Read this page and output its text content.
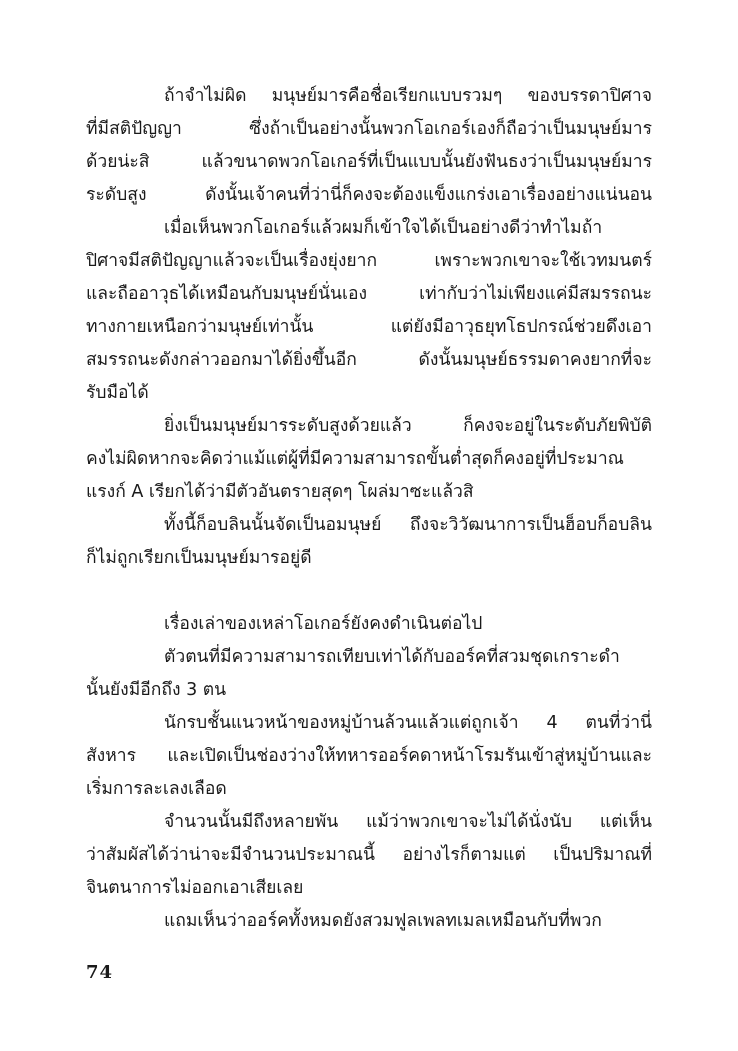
ถ้าจำไม่ผิด มนุษย์มารคือชื่อเรียกแบบรวมๆ ของบรรดาปิศาจ
ที่มีสติปัญญา ซึ่งถ้าเป็นอย่างนั้นพวกโอเกอร์เองก็ถือว่าเป็นมนุษย์มาร
ด้วยน่ะสิ แล้วขนาดพวกโอเกอร์ที่เป็นแบบนั้นยังฟันธงว่าเป็นมนุษย์มาร
ระดับสูง ดังนั้นเจ้าคนที่ว่านี่ก็คงจะต้องแข็งแกร่งเอาเรื่องอย่างแน่นอน
เมื่อเห็นพวกโอเกอร์แล้วผมก็เข้าใจได้เป็นอย่างดีว่าทำไมถ้า
ปิศาจมีสติปัญญาแล้วจะเป็นเรื่องยุ่งยาก เพราะพวกเขาจะใช้เวทมนตร์
และถืออาวุธได้เหมือนกับมนุษย์นั่นเอง เท่ากับว่าไม่เพียงแค่มีสมรรถนะ
ทางกายเหนือกว่ามนุษย์เท่านั้น แต่ยังมีอาวุธยุทโธปกรณ์ช่วยดึงเอา
สมรรถนะดังกล่าวออกมาได้ยิ่งขึ้นอีก ดังนั้นมนุษย์ธรรมดาคงยากที่จะ
รับมือได้
ยิ่งเป็นมนุษย์มารระดับสูงด้วยแล้ว ก็คงจะอยู่ในระดับภัยพิบัติ
คงไม่ผิดหากจะคิดว่าแม้แต่ผู้ที่มีความสามารถขั้นต่ำสุดก็คงอยู่ที่ประมาณ
แรงก์ A เรียกได้ว่ามีตัวอันตรายสุดๆ โผล่มาซะแล้วสิ
ทั้งนี้ก็อบลินนั้นจัดเป็นอมนุษย์ ถึงจะวิวัฒนาการเป็นฮ็อบก็อบลิน
ก็ไม่ถูกเรียกเป็นมนุษย์มารอยู่ดี
เรื่องเล่าของเหล่าโอเกอร์ยังคงดำเนินต่อไป
ตัวตนที่มีความสามารถเทียบเท่าได้กับออร์คที่สวมชุดเกราะดำ
นั้นยังมีอีกถึง 3 ตน
นักรบชั้นแนวหน้าของหมู่บ้านล้วนแล้วแต่ถูกเจ้า 4 ตนที่ว่านี่
สังหาร และเปิดเป็นช่องว่างให้ทหารออร์คดาหน้าโรมรันเข้าสู่หมู่บ้านและ
เริ่มการละเลงเลือด
จำนวนนั้นมีถึงหลายพัน แม้ว่าพวกเขาจะไม่ได้นั่งนับ แต่เห็น
ว่าสัมผัสได้ว่าน่าจะมีจำนวนประมาณนี้ อย่างไรก็ตามแต่ เป็นปริมาณที่
จินตนาการไม่ออกเอาเสียเลย
แถมเห็นว่าออร์คทั้งหมดยังสวมฟูลเพลทเมลเหมือนกับที่พวก
74
